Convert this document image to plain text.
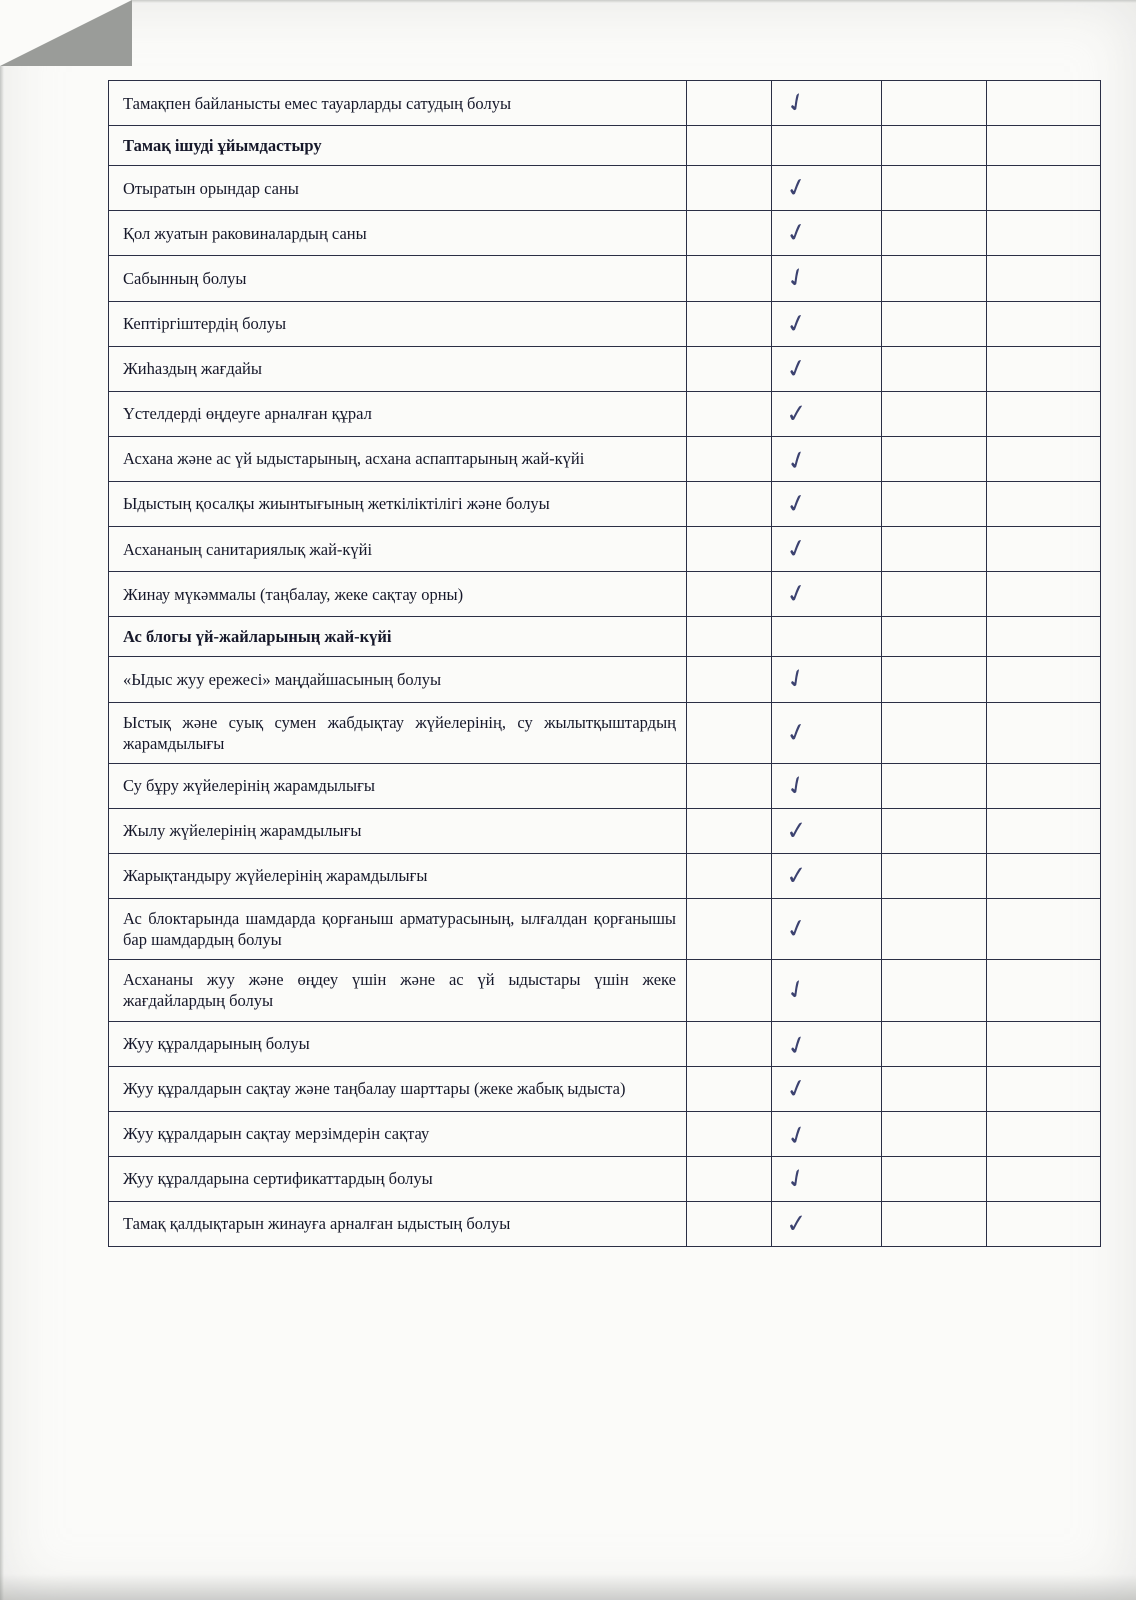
Тамақпен байланысты емес тауарларды сатудың болуы		✓		
Тамақ ішуді ұйымдастыру				
Отыратын орындар саны		✓		
Қол жуатын раковиналардың саны		✓		
Сабынның болуы		✓		
Кептіргіштердің болуы		✓		
Жиһаздың жағдайы		✓		
Үстелдерді өңдеуге арналған құрал		✓		
Асхана және ас үй ыдыстарының, асхана аспаптарының жай-күйі		✓		
Ыдыстың қосалқы жиынтығының жеткіліктілігі және болуы		✓		
Асхананың санитариялық жай-күйі		✓		
Жинау мүкәммалы (таңбалау, жеке сақтау орны)		✓		
Ас блогы үй-жайларының жай-күйі				
«Ыдыс жуу ережесі» маңдайшасының болуы		✓		
Ыстық және суық сумен жабдықтау жүйелерінің, су жылытқыштардың жарамдылығы		✓		
Су бұру жүйелерінің жарамдылығы		✓		
Жылу жүйелерінің жарамдылығы		✓		
Жарықтандыру жүйелерінің жарамдылығы		✓		
Ас блоктарында шамдарда қорғаныш арматурасының, ылғалдан қорғанышы бар шамдардың болуы		✓		
Асхананы жуу және өңдеу үшін және ас үй ыдыстары үшін жеке жағдайлардың болуы		✓		
Жуу құралдарының болуы		✓		
Жуу құралдарын сақтау және таңбалау шарттары (жеке жабық ыдыста)		✓		
Жуу құралдарын сақтау мерзімдерін сақтау		✓		
Жуу құралдарына сертификаттардың болуы		✓		
Тамақ қалдықтарын жинауға арналған ыдыстың болуы		✓		
